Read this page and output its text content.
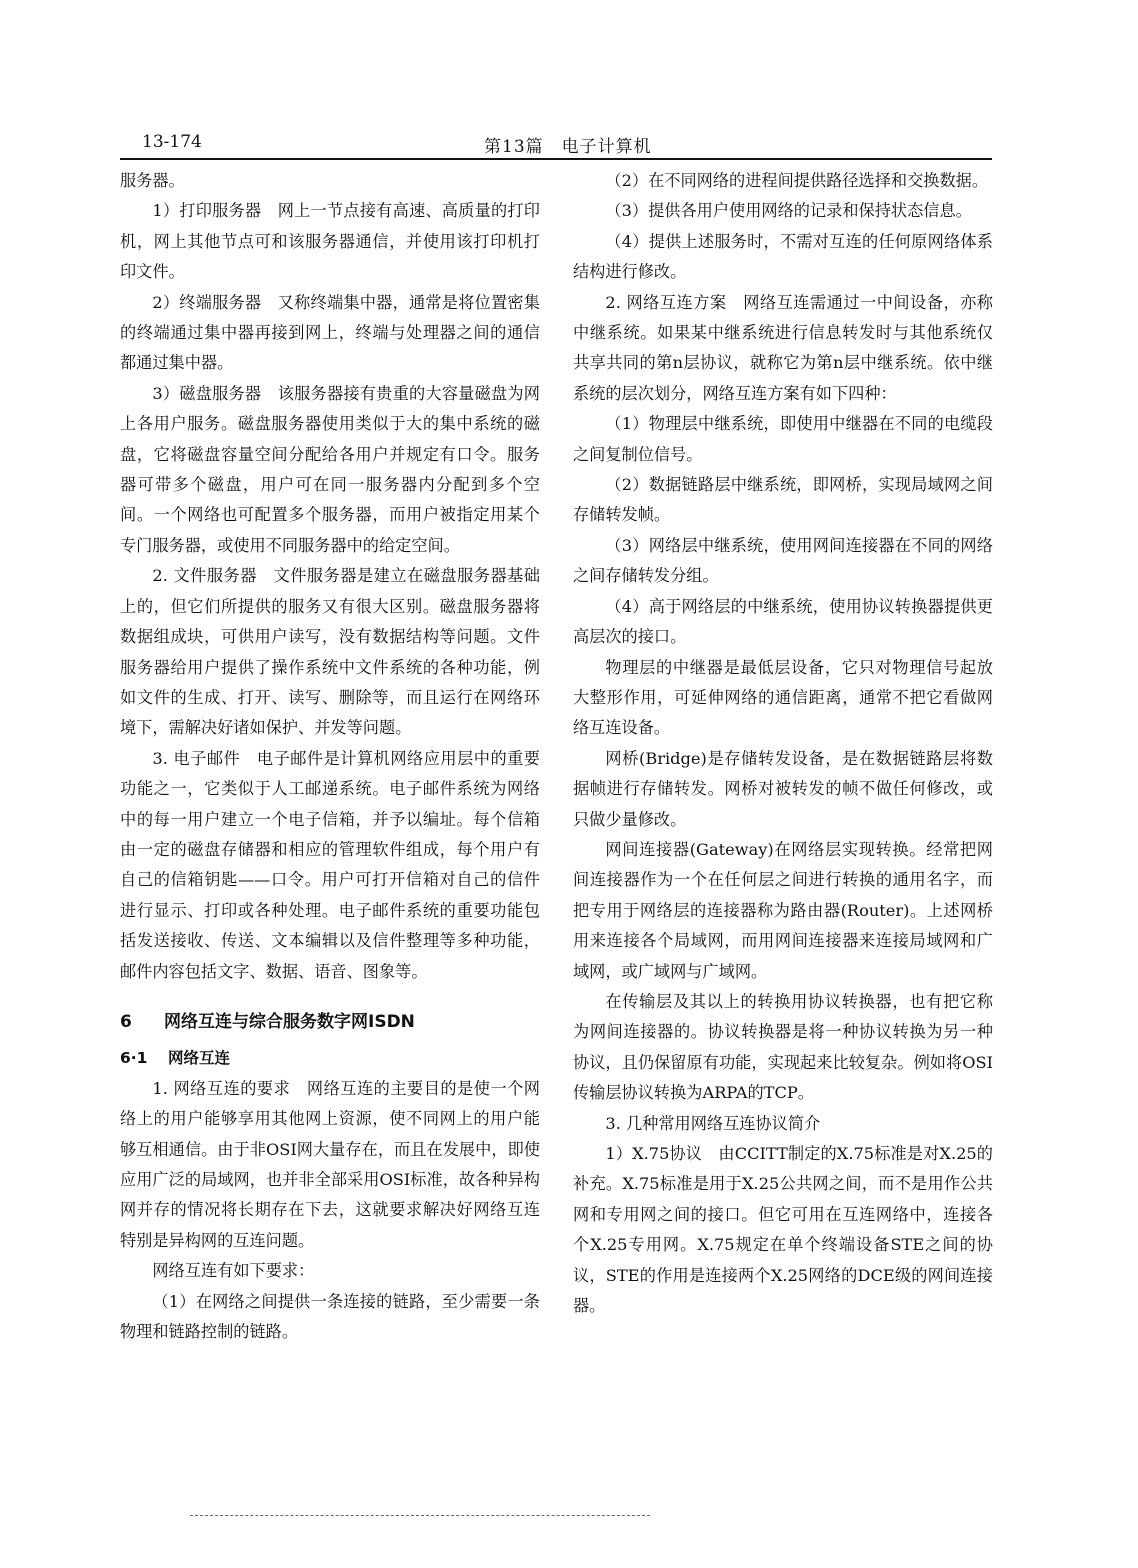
13-174	第13篇　电子计算机

服务器。

1）打印服务器　网上一节点接有高速、高质量的打印机，网上其他节点可和该服务器通信，并使用该打印机打印文件。

2）终端服务器　又称终端集中器，通常是将位置密集的终端通过集中器再接到网上，终端与处理器之间的通信都通过集中器。

3）磁盘服务器　该服务器接有贵重的大容量磁盘为网上各用户服务。磁盘服务器使用类似于大的集中系统的磁盘，它将磁盘容量空间分配给各用户并规定有口令。服务器可带多个磁盘，用户可在同一服务器内分配到多个空间。一个网络也可配置多个服务器，而用户被指定用某个专门服务器，或使用不同服务器中的给定空间。

2. 文件服务器　文件服务器是建立在磁盘服务器基础上的，但它们所提供的服务又有很大区别。磁盘服务器将数据组成块，可供用户读写，没有数据结构等问题。文件服务器给用户提供了操作系统中文件系统的各种功能，例如文件的生成、打开、读写、删除等，而且运行在网络环境下，需解决好诸如保护、并发等问题。

3. 电子邮件　电子邮件是计算机网络应用层中的重要功能之一，它类似于人工邮递系统。电子邮件系统为网络中的每一用户建立一个电子信箱，并予以编址。每个信箱由一定的磁盘存储器和相应的管理软件组成，每个用户有自己的信箱钥匙——口令。用户可打开信箱对自己的信件进行显示、打印或各种处理。电子邮件系统的重要功能包括发送接收、传送、文本编辑以及信件整理等多种功能，邮件内容包括文字、数据、语音、图象等。

6 网络互连与综合服务数字网ISDN

6·1 网络互连

1. 网络互连的要求　网络互连的主要目的是使一个网络上的用户能够享用其他网上资源，使不同网上的用户能够互相通信。由于非OSI网大量存在，而且在发展中，即使应用广泛的局域网，也并非全部采用OSI标准，故各种异构网并存的情况将长期存在下去，这就要求解决好网络互连特别是异构网的互连问题。

网络互连有如下要求：

（1）在网络之间提供一条连接的链路，至少需要一条物理和链路控制的链路。

（2）在不同网络的进程间提供路径选择和交换数据。

（3）提供各用户使用网络的记录和保持状态信息。

（4）提供上述服务时，不需对互连的任何原网络体系结构进行修改。

2. 网络互连方案　网络互连需通过一中间设备，亦称中继系统。如果某中继系统进行信息转发时与其他系统仅共享共同的第n层协议，就称它为第n层中继系统。依中继系统的层次划分，网络互连方案有如下四种：

（1）物理层中继系统，即使用中继器在不同的电缆段之间复制位信号。

（2）数据链路层中继系统，即网桥，实现局域网之间存储转发帧。

（3）网络层中继系统，使用网间连接器在不同的网络之间存储转发分组。

（4）高于网络层的中继系统，使用协议转换器提供更高层次的接口。

物理层的中继器是最低层设备，它只对物理信号起放大整形作用，可延伸网络的通信距离，通常不把它看做网络互连设备。

网桥(Bridge)是存储转发设备，是在数据链路层将数据帧进行存储转发。网桥对被转发的帧不做任何修改，或只做少量修改。

网间连接器(Gateway)在网络层实现转换。经常把网间连接器作为一个在任何层之间进行转换的通用名字，而把专用于网络层的连接器称为路由器(Router)。上述网桥用来连接各个局域网，而用网间连接器来连接局域网和广域网，或广域网与广域网。

在传输层及其以上的转换用协议转换器，也有把它称为网间连接器的。协议转换器是将一种协议转换为另一种协议，且仍保留原有功能，实现起来比较复杂。例如将OSI传输层协议转换为ARPA的TCP。

3. 几种常用网络互连协议简介

1）X.75协议　由CCITT制定的X.75标准是对X.25的补充。X.75标准是用于X.25公共网之间，而不是用作公共网和专用网之间的接口。但它可用在互连网络中，连接各个X.25专用网。X.75规定在单个终端设备STE之间的协议，STE的作用是连接两个X.25网络的DCE级的网间连接器。
